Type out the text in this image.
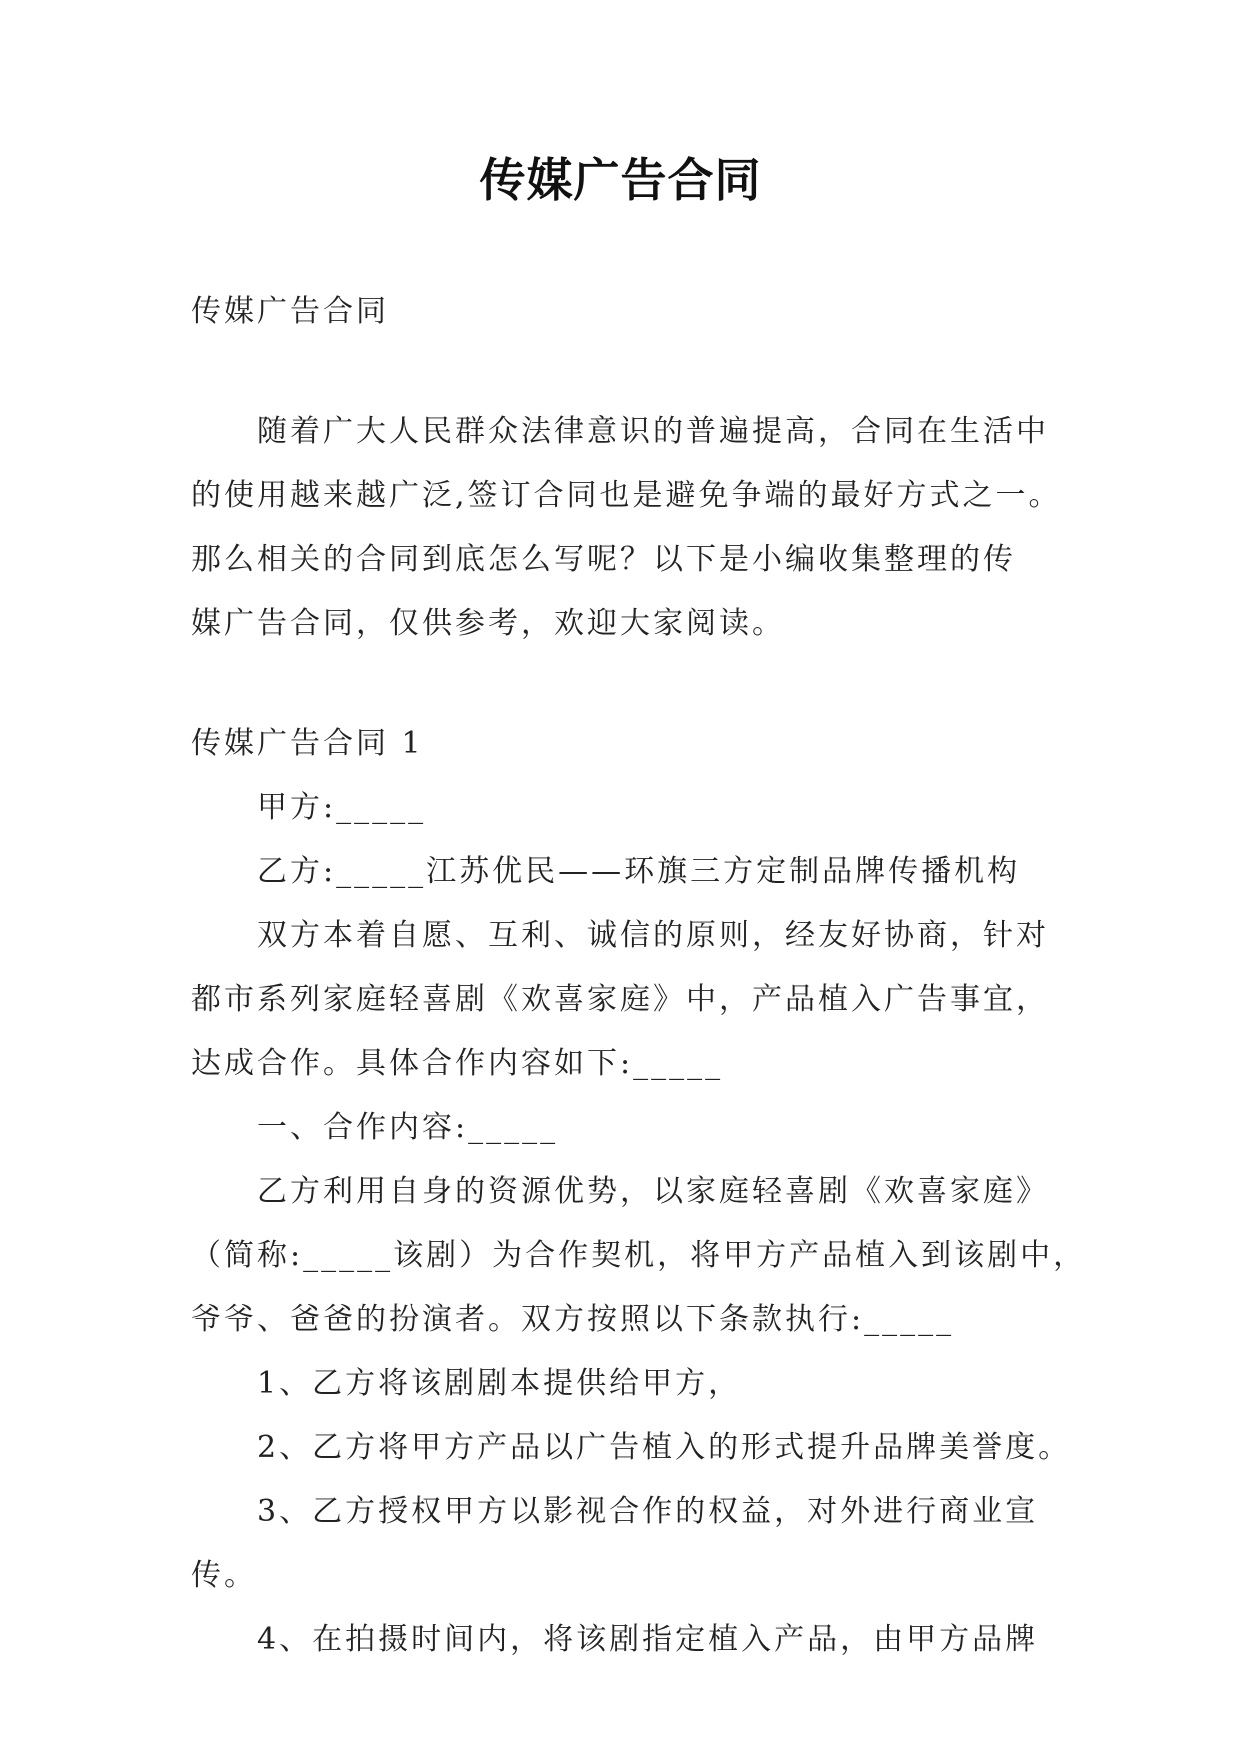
传媒广告合同
传媒广告合同
随着广大人民群众法律意识的普遍提高，合同在生活中
的使用越来越广泛,签订合同也是避免争端的最好方式之一。
那么相关的合同到底怎么写呢？以下是小编收集整理的传
媒广告合同，仅供参考，欢迎大家阅读。
传媒广告合同 1
甲方:_____
乙方:_____江苏优民——环旗三方定制品牌传播机构
双方本着自愿、互利、诚信的原则，经友好协商，针对
都市系列家庭轻喜剧《欢喜家庭》中，产品植入广告事宜，
达成合作。具体合作内容如下:_____
一、合作内容:_____
乙方利用自身的资源优势，以家庭轻喜剧《欢喜家庭》
（简称:_____该剧）为合作契机，将甲方产品植入到该剧中，
爷爷、爸爸的扮演者。双方按照以下条款执行:_____
1、乙方将该剧剧本提供给甲方，
2、乙方将甲方产品以广告植入的形式提升品牌美誉度。
3、乙方授权甲方以影视合作的权益，对外进行商业宣
传。
4、在拍摄时间内，将该剧指定植入产品，由甲方品牌
